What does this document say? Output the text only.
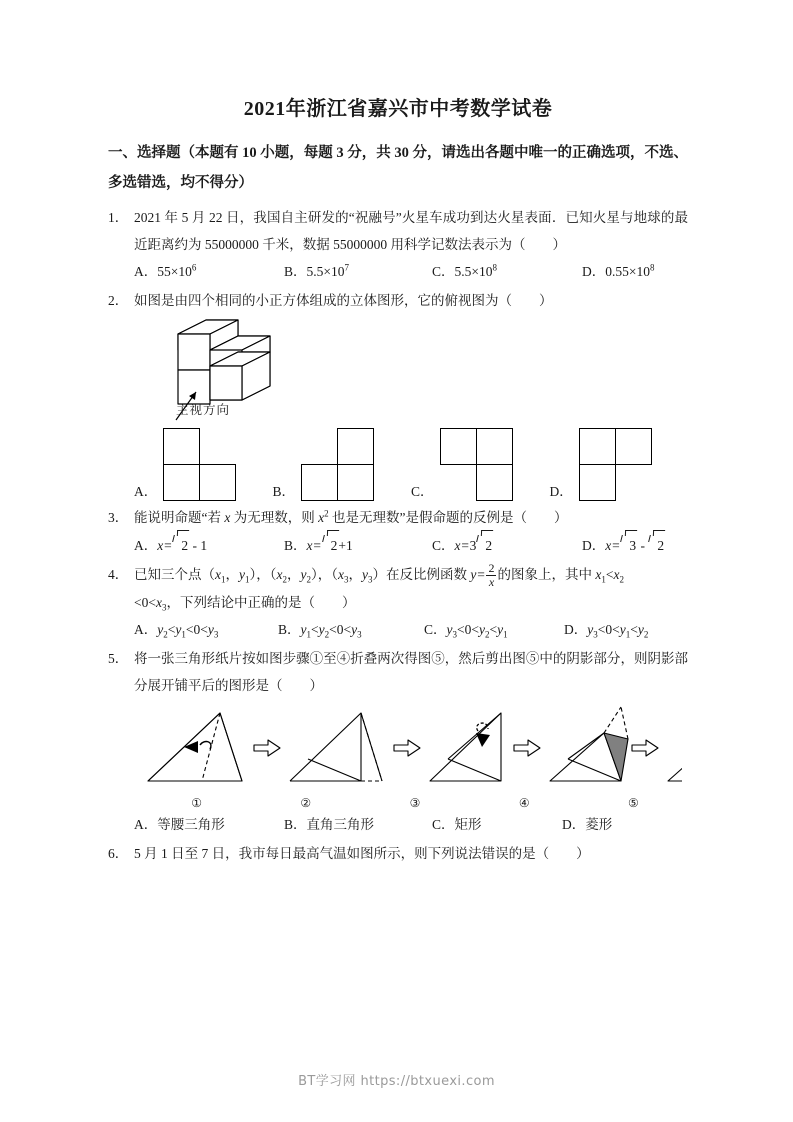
2021年浙江省嘉兴市中考数学试卷
一、选择题（本题有 10 小题，每题 3 分，共 30 分，请选出各题中唯一的正确选项，不选、多选错选，均不得分）
1． 2021 年 5 月 22 日，我国自主研发的“祝融号”火星车成功到达火星表面．已知火星与地球的最近距离约为 55000000 千米，数据 55000000 用科学记数法表示为（　　）
A．$55\times 10^6$	B．$5.5\times 10^7$	C．$5.5\times 10^8$	D．$0.55\times 10^8$
2． 如图是由四个相同的小正方体组成的立体图形，它的俯视图为（　　）
主视方向
A．	B．	C．	D．
3． 能说明命题“若 x 为无理数，则 $x^2$ 也是无理数”是假命题的反例是（　　）
A．x= 2 - 1	B．x= 2+1	C．x=3 2	D．x= 3 - 2
4． 已知三个点（$x_1$，$y_1$），（$x_2$，$y_2$），（$x_3$，$y_3$）在反比例函数 $y= \frac{2}{x}$ 的图象上，其中 $x_1<x_2$
$<0<x_3$，下列结论中正确的是（　　）
A．$y_2<y_1<0<y_3$	B．$y_1<y_2<0<y_3$	C．$y_3<0<y_2<y_1$	D．$y_3<0<y_1<y_2$
5． 将一张三角形纸片按如图步骤①至④折叠两次得图⑤，然后剪出图⑤中的阴影部分，则阴影部分展开铺平后的图形是（　　）
①	②	③	④	⑤
A．等腰三角形	B．直角三角形	C．矩形	D．菱形
6． 5 月 1 日至 7 日，我市每日最高气温如图所示，则下列说法错误的是（　　）
BT学习网 https://btxuexi.com
